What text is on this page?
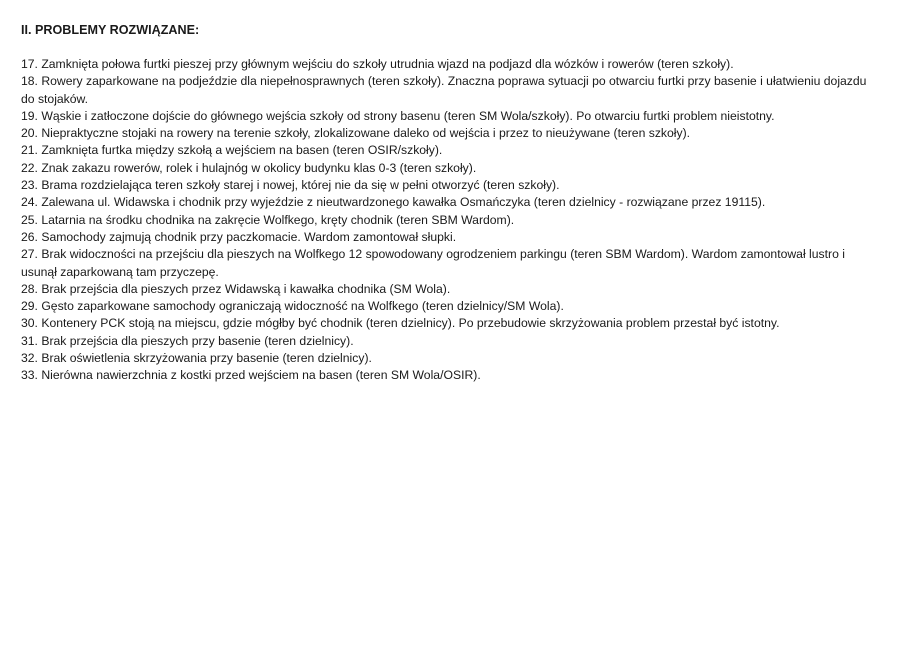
II. PROBLEMY ROZWIĄZANE:
17. Zamknięta połowa furtki pieszej przy głównym wejściu do szkoły utrudnia wjazd na podjazd dla wózków i rowerów (teren szkoły).
18. Rowery zaparkowane na podjeździe dla niepełnosprawnych (teren szkoły). Znaczna poprawa sytuacji po otwarciu furtki przy basenie i ułatwieniu dojazdu do stojaków.
19. Wąskie i zatłoczone dojście do głównego wejścia szkoły od strony basenu (teren SM Wola/szkoły). Po otwarciu furtki problem nieistotny.
20. Niepraktyczne stojaki na rowery na terenie szkoły, zlokalizowane daleko od wejścia i przez to nieużywane (teren szkoły).
21. Zamknięta furtka między szkołą a wejściem na basen (teren OSIR/szkoły).
22. Znak zakazu rowerów, rolek i hulajnóg w okolicy budynku klas 0-3 (teren szkoły).
23. Brama rozdzielająca teren szkoły starej i nowej, której nie da się w pełni otworzyć (teren szkoły).
24. Zalewana ul. Widawska i chodnik przy wyjeździe z nieutwardzonego kawałka Osmańczyka (teren dzielnicy - rozwiązane przez 19115).
25. Latarnia na środku chodnika na zakręcie Wolfkego, kręty chodnik (teren SBM Wardom).
26. Samochody zajmują chodnik przy paczkomacie. Wardom zamontował słupki.
27. Brak widoczności na przejściu dla pieszych na Wolfkego 12 spowodowany ogrodzeniem parkingu (teren SBM Wardom). Wardom zamontował lustro i usunął zaparkowaną tam przyczepę.
28. Brak przejścia dla pieszych przez Widawską i kawałka chodnika (SM Wola).
29. Gęsto zaparkowane samochody ograniczają widoczność na Wolfkego (teren dzielnicy/SM Wola).
30. Kontenery PCK stoją na miejscu, gdzie mógłby być chodnik (teren dzielnicy). Po przebudowie skrzyżowania problem przestał być istotny.
31. Brak przejścia dla pieszych przy basenie (teren dzielnicy).
32. Brak oświetlenia skrzyżowania przy basenie (teren dzielnicy).
33. Nierówna nawierzchnia z kostki przed wejściem na basen (teren SM Wola/OSIR).
